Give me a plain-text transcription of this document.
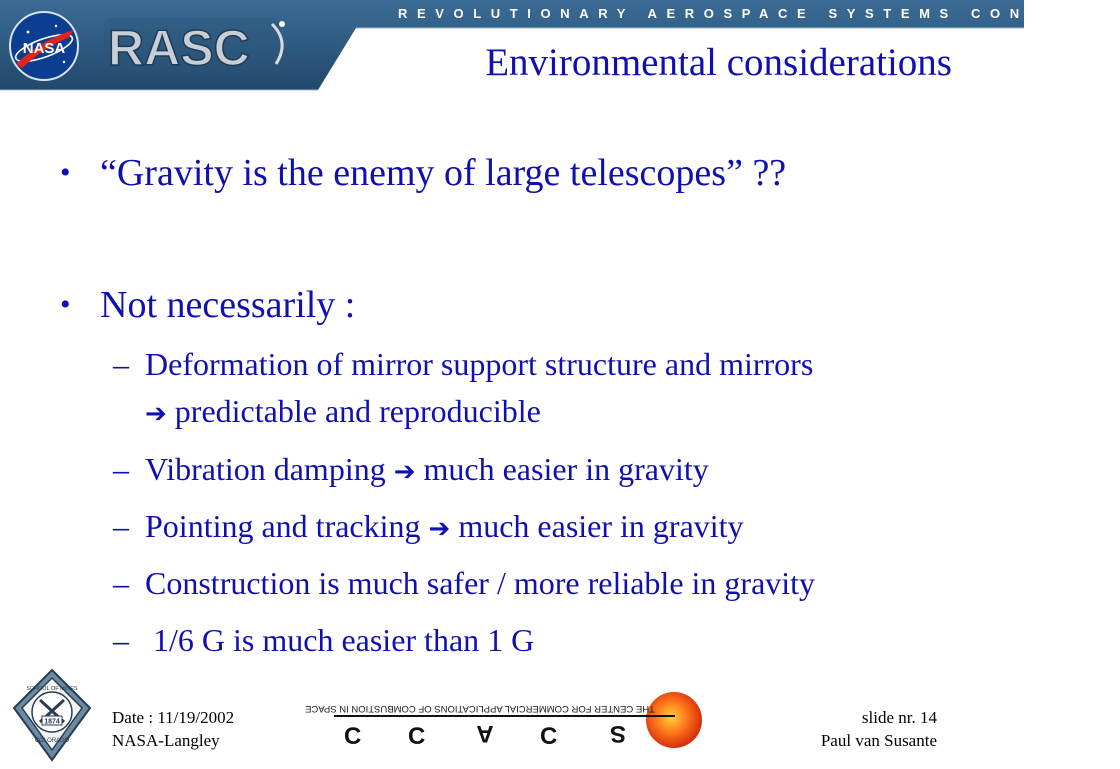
REVOLUTIONARY AEROSPACE SYSTEMS CONCEPTS
NASA RASC	Environmental considerations
• “Gravity is the enemy of large telescopes” ??
• Not necessarily :
– Deformation of mirror support structure and mirrors
➔ predictable and reproducible
– Vibration damping ➔ much easier in gravity
– Pointing and tracking ➔ much easier in gravity
– Construction is much safer / more reliable in gravity
– 1/6 G is much easier than 1 G
1874
SCHOOL OF MINES
COLORADO
Date : 11/19/2002
NASA-Langley
THE CENTER FOR COMMERCIAL APPLICATIONS OF COMBUSTION IN SPACE
C C A C S
slide nr. 14
Paul van Susante
